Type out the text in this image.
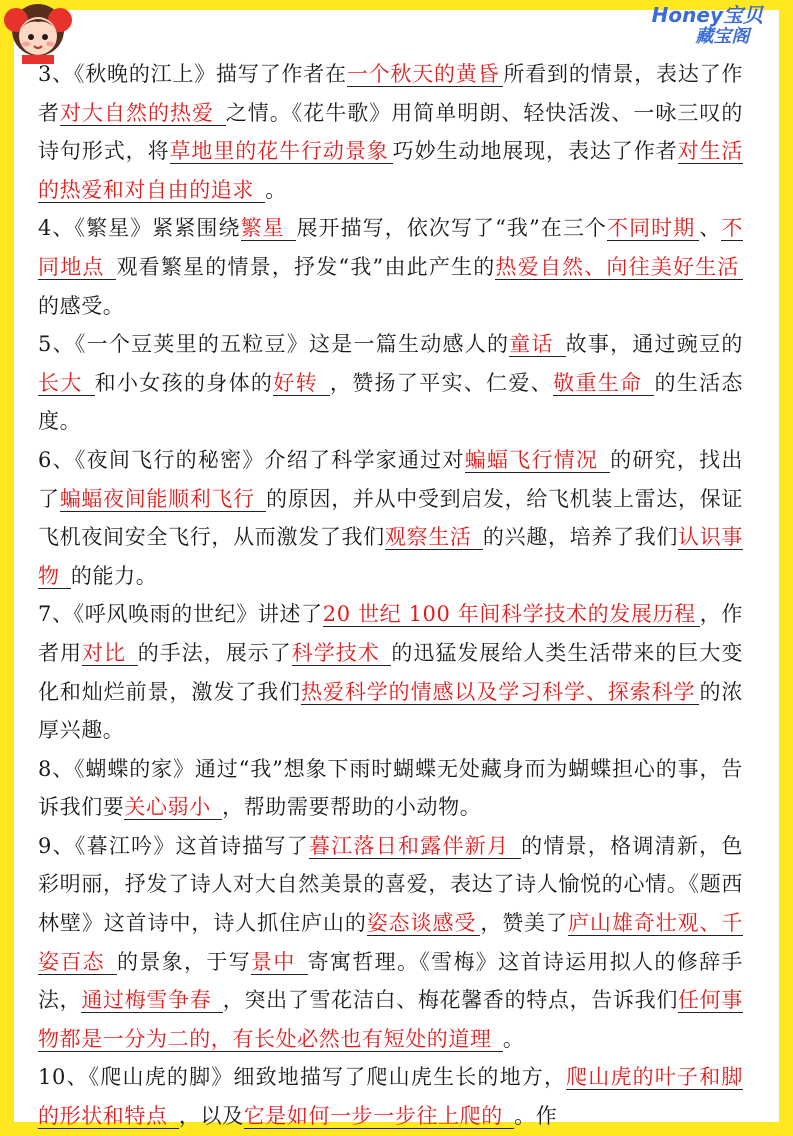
Honey宝贝
藏宝阁

3、《秋晚的江上》描写了作者在一个秋天的黄昏 所看到的情景，表达了作者对大自然的热爱 之情。《花牛歌》用简单明朗、轻快活泼、一咏三叹的诗句形式，将草地里的花牛行动景象 巧妙生动地展现，表达了作者对生活的热爱和对自由的追求 。

4、《繁星》紧紧围绕繁星 展开描写，依次写了“我”在三个不同时期 、不同地点 观看繁星的情景，抒发“我”由此产生的热爱自然、向往美好生活 的感受。

5、《一个豆荚里的五粒豆》这是一篇生动感人的童话 故事，通过豌豆的长大 和小女孩的身体的好转 ，赞扬了平实、仁爱、敬重生命 的生活态度。

6、《夜间飞行的秘密》介绍了科学家通过对蝙蝠飞行情况 的研究，找出了蝙蝠夜间能顺利飞行 的原因，并从中受到启发，给飞机装上雷达，保证飞机夜间安全飞行，从而激发了我们观察生活 的兴趣，培养了我们认识事物 的能力。

7、《呼风唤雨的世纪》讲述了20 世纪 100 年间科学技术的发展历程 ，作者用对比 的手法，展示了科学技术 的迅猛发展给人类生活带来的巨大变化和灿烂前景，激发了我们热爱科学的情感以及学习科学、探索科学 的浓厚兴趣。

8、《蝴蝶的家》通过“我”想象下雨时蝴蝶无处藏身而为蝴蝶担心的事，告诉我们要关心弱小 ，帮助需要帮助的小动物。

9、《暮江吟》这首诗描写了暮江落日和露伴新月 的情景，格调清新，色彩明丽，抒发了诗人对大自然美景的喜爱，表达了诗人愉悦的心情。《题西林壁》这首诗中，诗人抓住庐山的姿态谈感受 ，赞美了庐山雄奇壮观、千姿百态 的景象，于写景中 寄寓哲理。《雪梅》这首诗运用拟人的修辞手法，通过梅雪争春 ，突出了雪花洁白、梅花馨香的特点，告诉我们任何事物都是一分为二的，有长处必然也有短处的道理 。

10、《爬山虎的脚》细致地描写了爬山虎生长的地方，爬山虎的叶子和脚的形状和特点 ，以及它是如何一步一步往上爬的 。作
